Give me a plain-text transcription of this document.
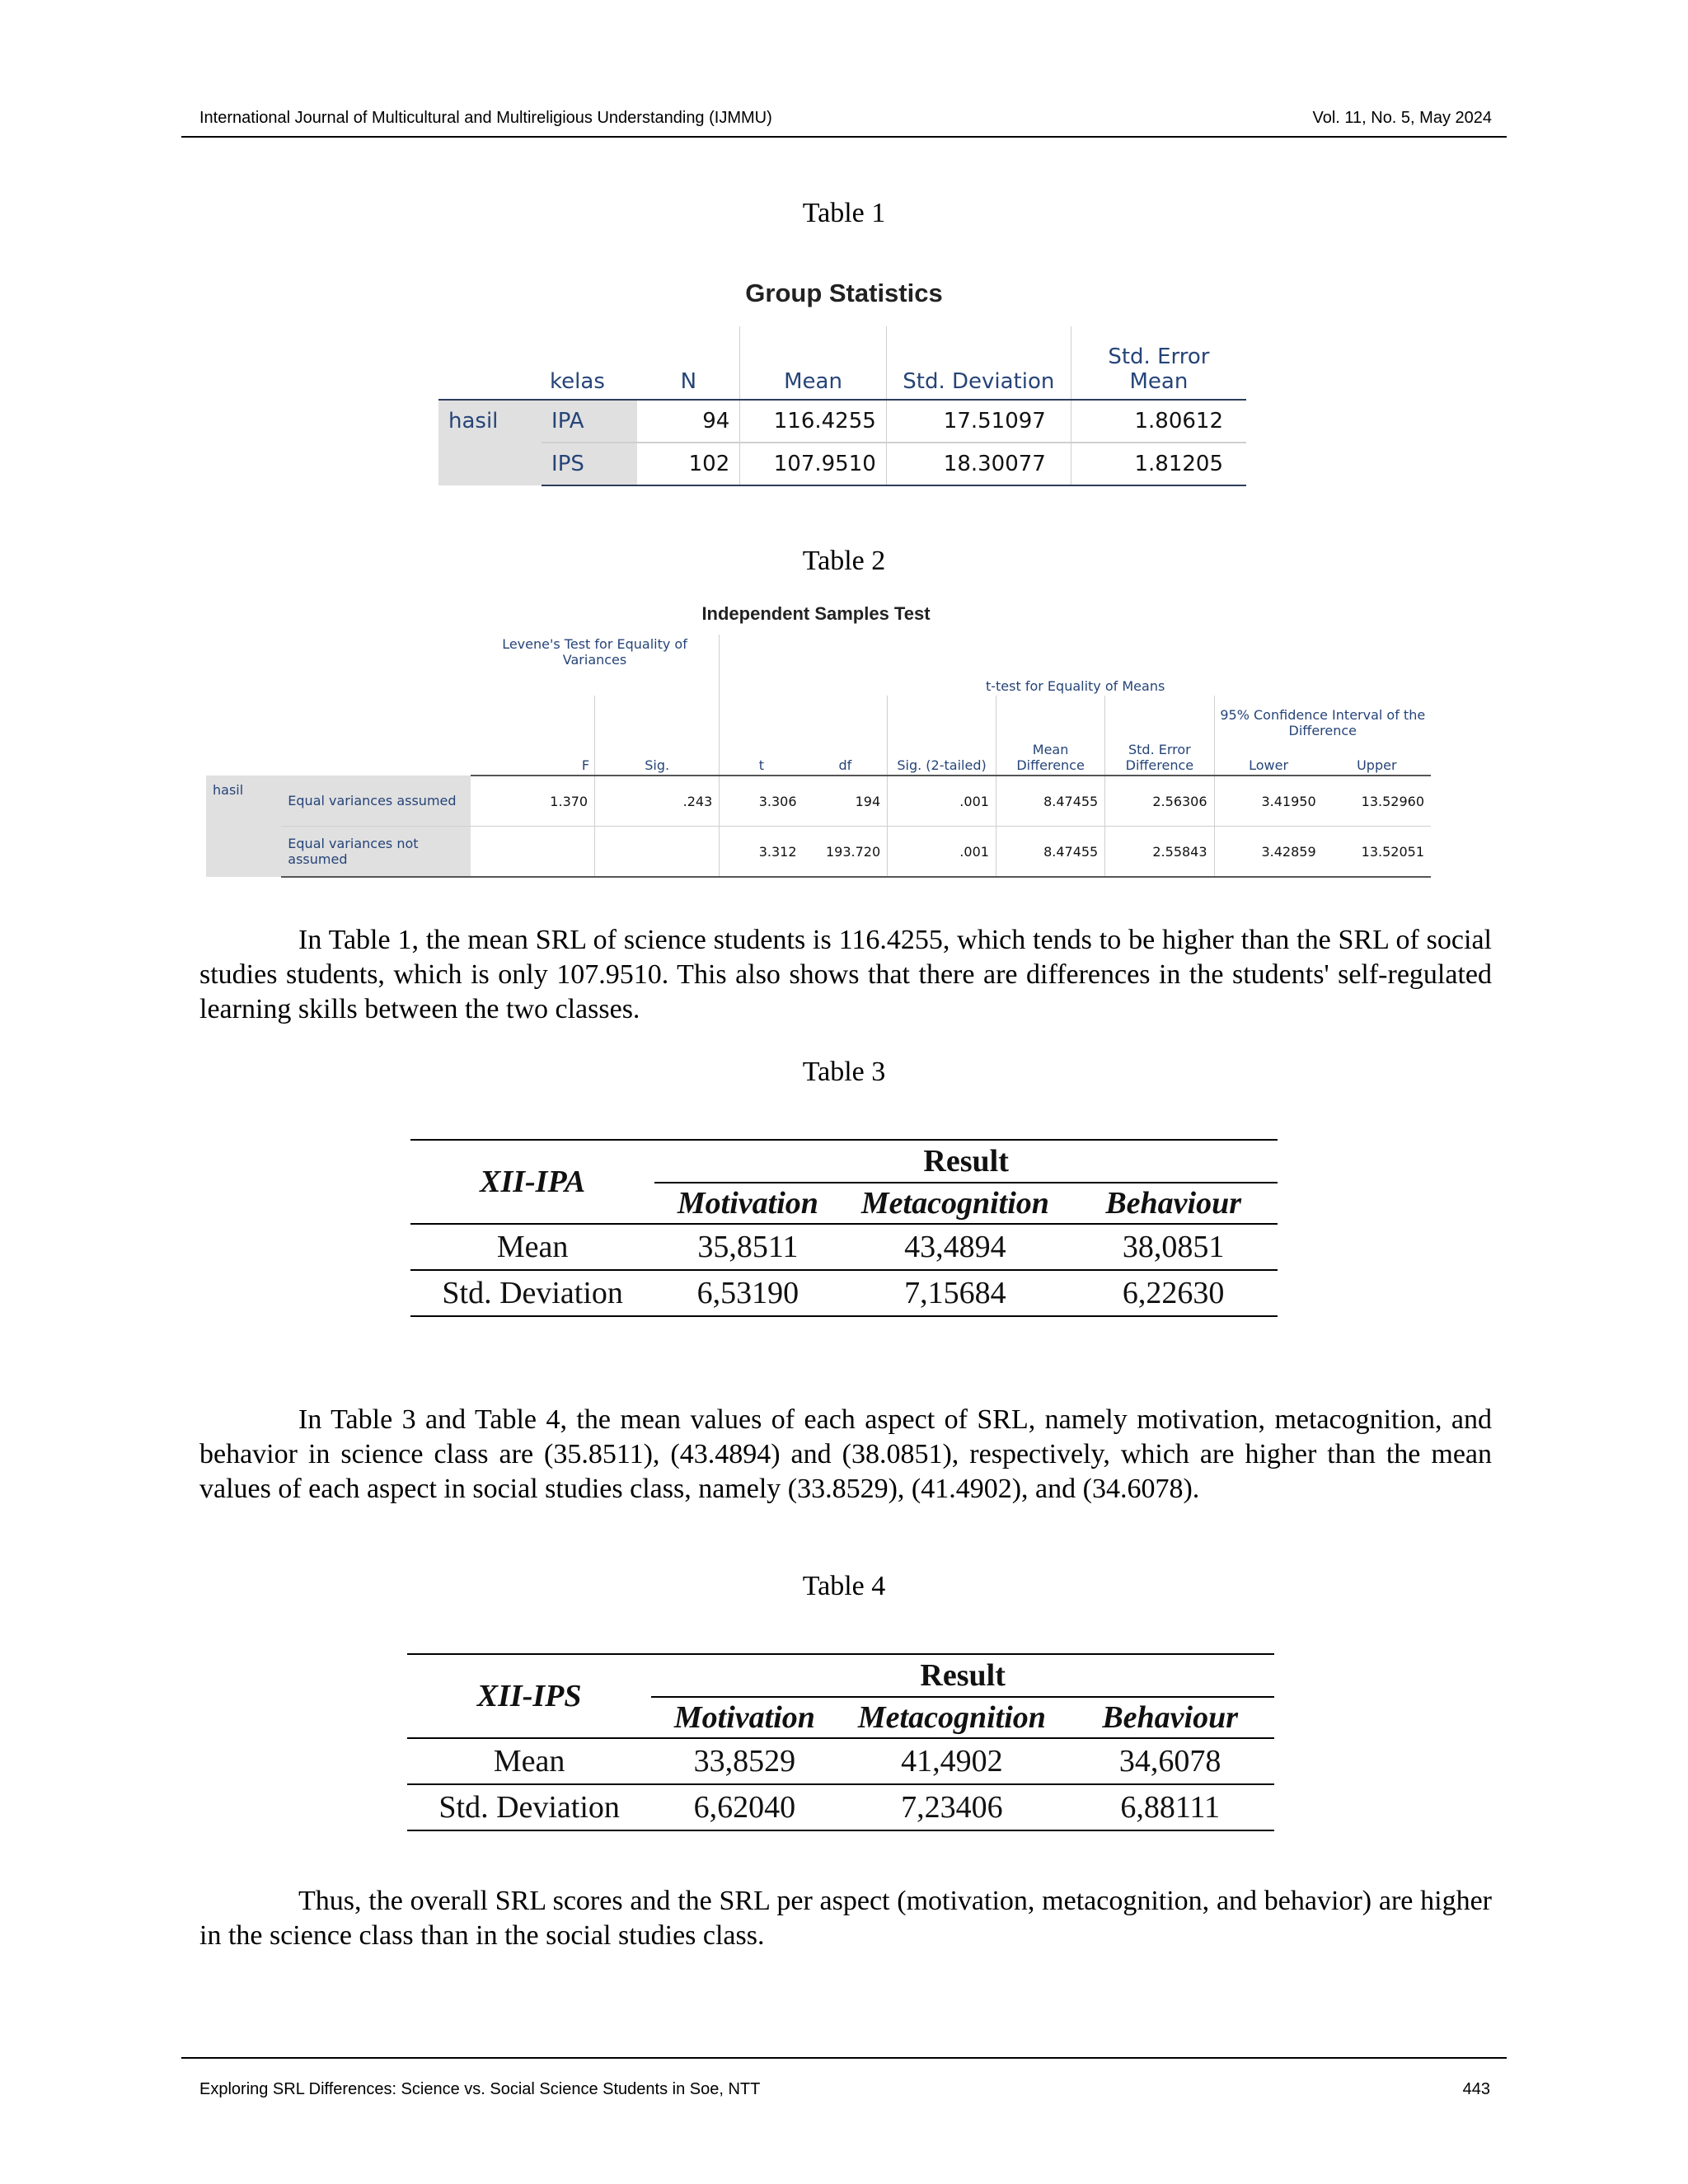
International Journal of Multicultural and Multireligious Understanding (IJMMU)	Vol. 11, No. 5, May 2024
Table 1
Group Statistics
	kelas	N	Mean	Std. Deviation	Std. Error Mean
hasil	IPA	94	116.4255	17.51097	1.80612
	IPS	102	107.9510	18.30077	1.81205
Table 2
Independent Samples Test
		Levene's Test for Equality of Variances		t-test for Equality of Means						
									95% Confidence Interval of the Difference	
		F	Sig.	t	df	Sig. (2-tailed)	Mean Difference	Std. Error Difference	Lower	Upper
hasil	Equal variances assumed	1.370	.243	3.306	194	.001	8.47455	2.56306	3.41950	13.52960
	Equal variances not assumed			3.312	193.720	.001	8.47455	2.55843	3.42859	13.52051

In Table 1, the mean SRL of science students is 116.4255, which tends to be higher than the SRL of social studies students, which is only 107.9510. This also shows that there are differences in the students' self-regulated learning skills between the two classes.

Table 3
XII-IPA	Result		
	Motivation	Metacognition	Behaviour
Mean	35,8511	43,4894	38,0851
Std. Deviation	6,53190	7,15684	6,22630

In Table 3 and Table 4, the mean values of each aspect of SRL, namely motivation, metacognition, and behavior in science class are (35.8511), (43.4894) and (38.0851), respectively, which are higher than the mean values of each aspect in social studies class, namely (33.8529), (41.4902), and (34.6078).

Table 4
XII-IPS	Result		
	Motivation	Metacognition	Behaviour
Mean	33,8529	41,4902	34,6078
Std. Deviation	6,62040	7,23406	6,88111

Thus, the overall SRL scores and the SRL per aspect (motivation, metacognition, and behavior) are higher in the science class than in the social studies class.

Exploring SRL Differences: Science vs. Social Science Students in Soe, NTT	443
